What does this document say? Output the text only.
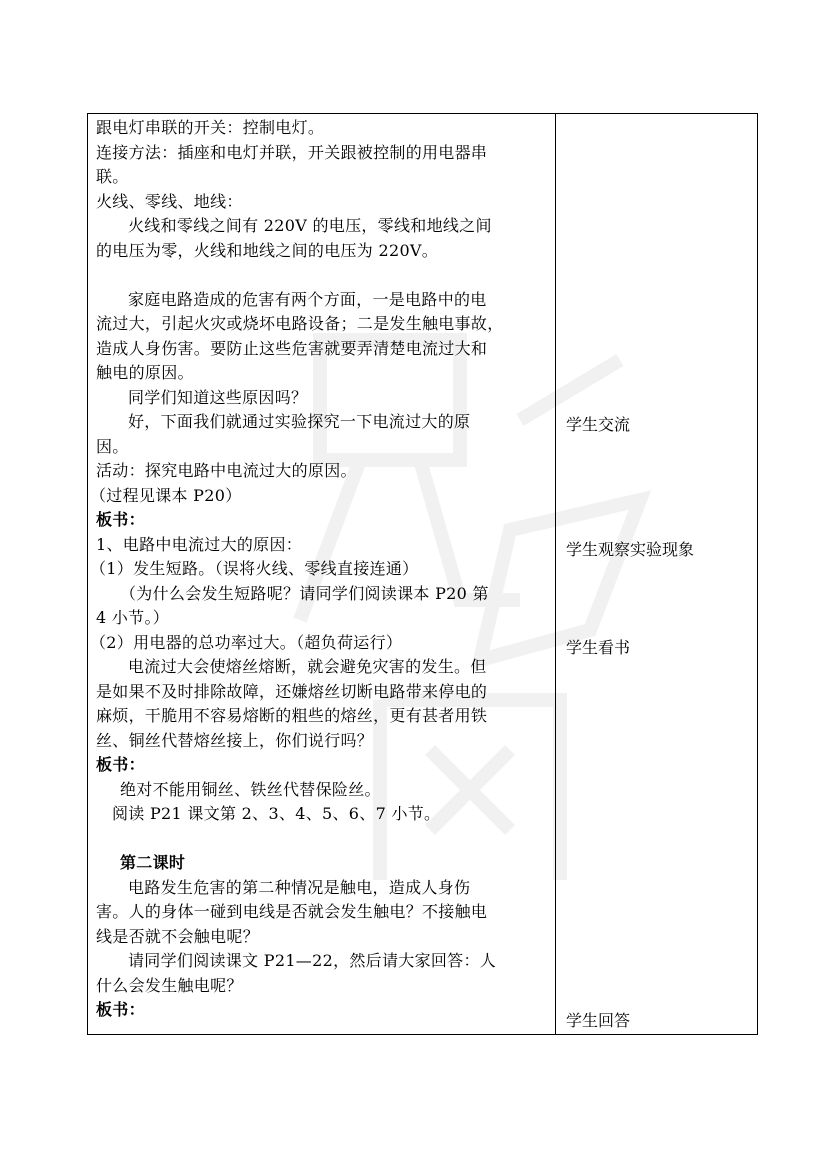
跟电灯串联的开关：控制电灯。
连接方法：插座和电灯并联，开关跟被控制的用电器串
联。
火线、零线、地线：
火线和零线之间有 220V 的电压，零线和地线之间
的电压为零，火线和地线之间的电压为 220V。
家庭电路造成的危害有两个方面，一是电路中的电
流过大，引起火灾或烧坏电路设备；二是发生触电事故，
造成人身伤害。要防止这些危害就要弄清楚电流过大和
触电的原因。
同学们知道这些原因吗？
好，下面我们就通过实验探究一下电流过大的原
因。
活动：探究电路中电流过大的原因。
（过程见课本 P20）
板书：
1、电路中电流过大的原因：
（1）发生短路。（误将火线、零线直接连通）
（为什么会发生短路呢？请同学们阅读课本 P20 第
4 小节。）
（2）用电器的总功率过大。（超负荷运行）
电流过大会使熔丝熔断，就会避免灾害的发生。但
是如果不及时排除故障，还嫌熔丝切断电路带来停电的
麻烦，干脆用不容易熔断的粗些的熔丝，更有甚者用铁
丝、铜丝代替熔丝接上，你们说行吗？
板书：
绝对不能用铜丝、铁丝代替保险丝。
阅读 P21 课文第 2、3、4、5、6、7 小节。
第二课时
电路发生危害的第二种情况是触电，造成人身伤
害。人的身体一碰到电线是否就会发生触电？不接触电
线是否就不会触电呢？
请同学们阅读课文 P21—22，然后请大家回答：人
什么会发生触电呢？
板书：
学生交流
学生观察实验现象
学生看书
学生回答
